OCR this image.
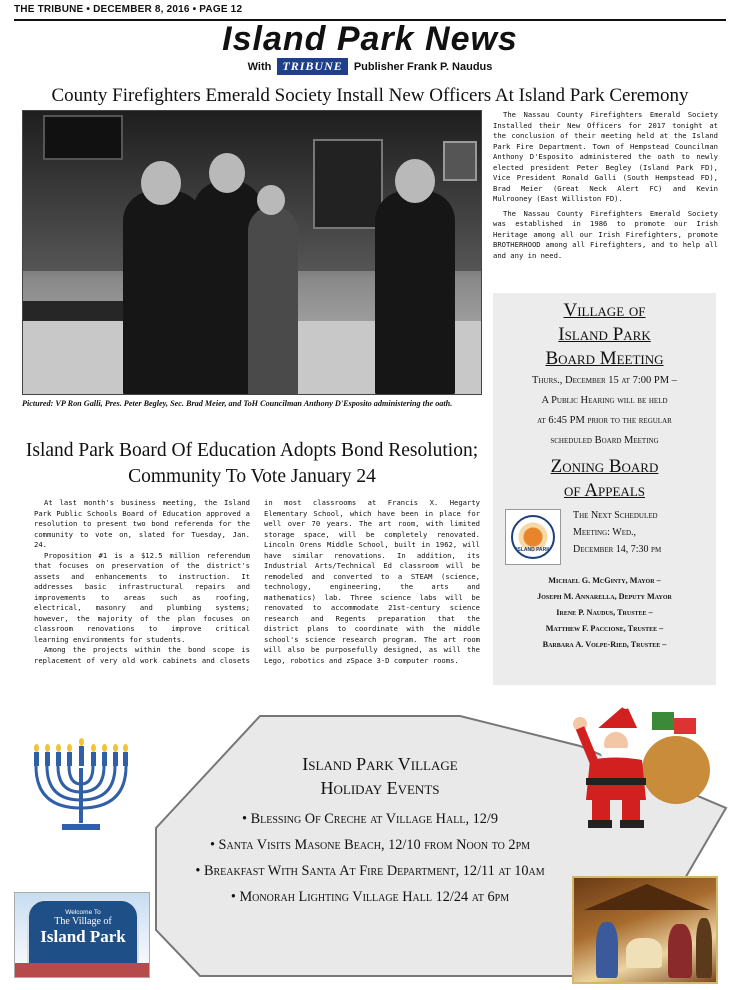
THE TRIBUNE • DECEMBER 8, 2016 • PAGE 12
Island Park News
With TRIBUNE Publisher Frank P. Naudus
County Firefighters Emerald Society Install New Officers At Island Park Ceremony
Pictured: VP Ron Galli, Pres. Peter Begley, Sec. Brad Meier, and ToH Councilman Anthony D'Esposito administering the oath.

The Nassau County Firefighters Emerald Society Installed their New Officers for 2017 tonight at the conclusion of their meeting held at the Island Park Fire Department. Town of Hempstead Councilman Anthony D'Esposito administered the oath to newly elected president Peter Begley (Island Park FD), Vice President Ronald Galli (South Hempstead FD), Brad Meier (Great Neck Alert FC) and Kevin Mulrooney (East Williston FD).

The Nassau County Firefighters Emerald Society was established in 1986 to promote our Irish Heritage among all our Irish Firefighters, promote BROTHERHOOD among all Firefighters, and to help all and any in need.

Village of
Island Park
Board Meeting
Thurs., December 15 at 7:00 PM –
A Public Hearing will be held
at 6:45 PM prior to the regular
scheduled Board Meeting
Zoning Board
of Appeals
ISLAND PARK
The Next Scheduled
Meeting: Wed.,
December 14, 7:30 pm
Michael G. McGinty, Mayor –
Joseph M. Annarella, Deputy Mayor
Irene P. Naudus, Trustee –
Matthew F. Paccione, Trustee –
Barbara A. Volpe-Ried, Trustee –
Island Park Board Of Education Adopts Bond Resolution; Community To Vote January 24

At last month's business meeting, the Island Park Public Schools Board of Education approved a resolution to present two bond referenda for the community to vote on, slated for Tuesday, Jan. 24.

Proposition #1 is a $12.5 million referendum that focuses on preservation of the district's assets and enhancements to instruction. It addresses basic infrastructural repairs and improvements to areas such as roofing, electrical, masonry and plumbing systems; however, the majority of the plan focuses on classroom renovations to improve critical learning environments for students.

Among the projects within the bond scope is replacement of very old work cabinets and closets in most classrooms at Francis X. Hegarty Elementary School, which have been in place for well over 70 years. The art room, with limited storage space, will be completely renovated. Lincoln Orens Middle School, built in 1962, will have similar renovations. In addition, its Industrial Arts/Technical Ed classroom will be remodeled and converted to a STEAM (science, technology, engineering, the arts and mathematics) lab. Three science labs will be renovated to accommodate 21st-century science research and Regents preparation that the district plans to coordinate with the middle school's science research program. The art room will also be purposefully designed, as will the Lego, robotics and zSpace 3-D computer rooms.

Island Park Village
Holiday Events
• Blessing Of Creche at Village Hall, 12/9
• Santa Visits Masone Beach, 12/10 from Noon to 2pm
• Breakfast With Santa At Fire Department, 12/11 at 10am
• Monorah Lighting Village Hall 12/24 at 6pm
Welcome To
The Village of
Island Park
